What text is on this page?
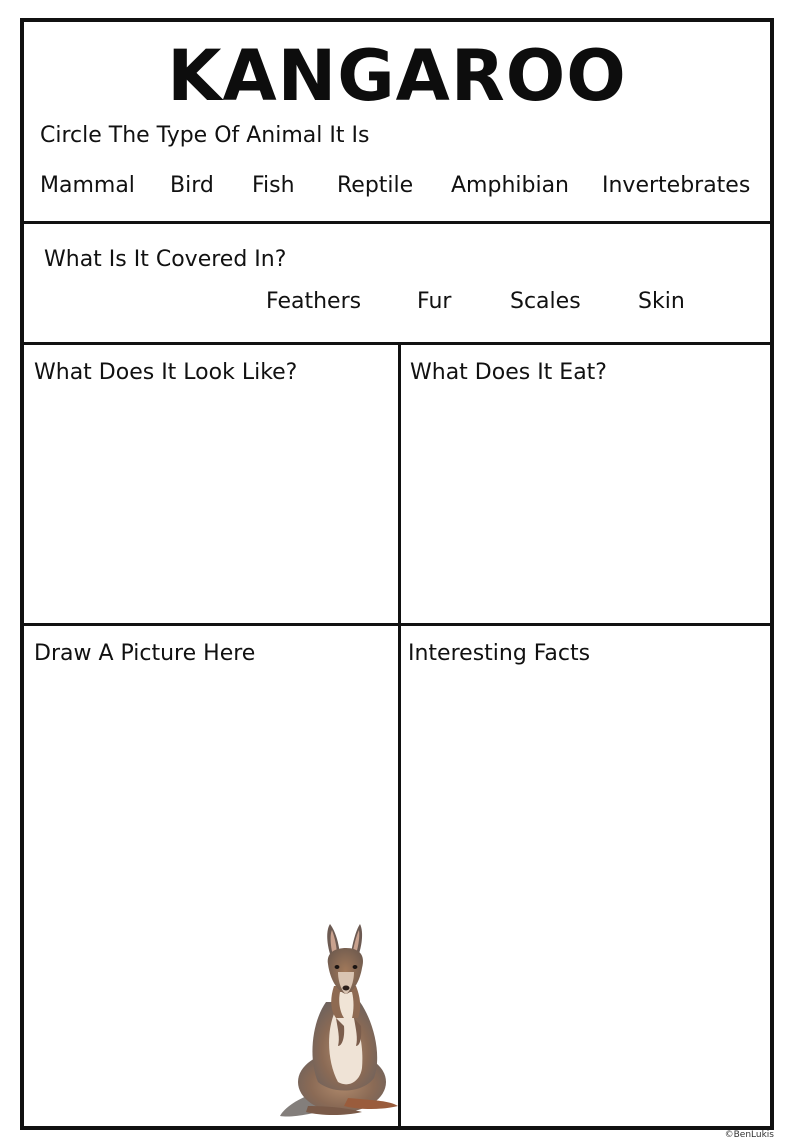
KANGAROO
Circle The Type Of Animal It Is
Mammal Bird Fish Reptile Amphibian Invertebrates
What Is It Covered In?
Feathers	Fur	Scales	Skin
What Does It Look Like?	What Does It Eat?
Draw A Picture Here	Interesting Facts
©BenLukis
